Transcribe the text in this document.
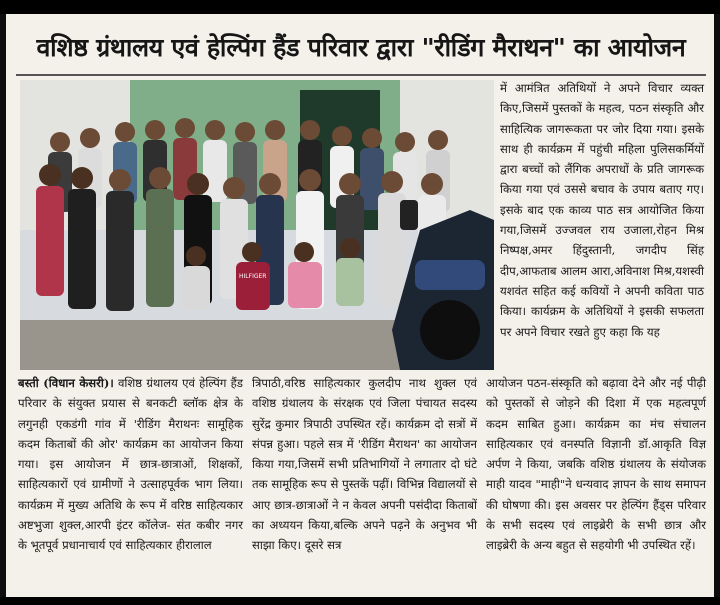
वशिष्ठ ग्रंथालय एवं हेल्पिंग हैंड परिवार द्वारा "रीडिंग मैराथन" का आयोजन
HILFIGER

में आमंत्रित अतिथियों ने अपने विचार व्यक्त किए,जिसमें पुस्तकों के महत्व, पठन संस्कृति और साहित्यिक जागरूकता पर जोर दिया गया। इसके साथ ही कार्यक्रम में पहुंची महिला पुलिसकर्मियों द्वारा बच्चों को लैंगिक अपराधों के प्रति जागरूक किया गया एवं उससे बचाव के उपाय बताए गए। इसके बाद एक काव्य पाठ सत्र आयोजित किया गया,जिसमें उज्जवल राय उजाला,रोहन मिश्र निष्पक्ष,अमर हिंदुस्तानी, जगदीप सिंह दीप,आफताब आलम आरा,अविनाश मिश्र,यशस्वी यशवंत सहित कई कवियों ने अपनी कविता पाठ किया। कार्यक्रम के अतिथियों ने इसकी सफलता पर अपने विचार रखते हुए कहा कि यह

बस्ती (विधान केसरी)। वशिष्ठ ग्रंथालय एवं हेल्पिंग हैंड परिवार के संयुक्त प्रयास से बनकटी ब्लॉक क्षेत्र के लगुनही एकडंगी गांव में 'रीडिंग मैराथनः सामूहिक कदम किताबों की ओर' कार्यक्रम का आयोजन किया गया। इस आयोजन में छात्र-छात्राओं, शिक्षकों, साहित्यकारों एवं ग्रामीणों ने उत्साहपूर्वक भाग लिया। कार्यक्रम में मुख्य अतिथि के रूप में वरिष्ठ साहित्यकार अष्टभुजा शुक्ल,आरपी इंटर कॉलेज- संत कबीर नगर के भूतपूर्व प्रधानाचार्य एवं साहित्यकार हीरालाल

त्रिपाठी,वरिष्ठ साहित्यकार कुलदीप नाथ शुक्ल एवं वशिष्ठ ग्रंथालय के संरक्षक एवं जिला पंचायत सदस्य सुरेंद्र कुमार त्रिपाठी उपस्थित रहें। कार्यक्रम दो सत्रों में संपन्न हुआ। पहले सत्र में 'रीडिंग मैराथन' का आयोजन किया गया,जिसमें सभी प्रतिभागियों ने लगातार दो घंटे तक सामूहिक रूप से पुस्तकें पढ़ीं। विभिन्न विद्यालयों से आए छात्र-छात्राओं ने न केवल अपनी पसंदीदा किताबों का अध्ययन किया,बल्कि अपने पढ़ने के अनुभव भी साझा किए। दूसरे सत्र

आयोजन पठन-संस्कृति को बढ़ावा देने और नई पीढ़ी को पुस्तकों से जोड़ने की दिशा में एक महत्वपूर्ण कदम साबित हुआ। कार्यक्रम का मंच संचालन साहित्यकार एवं वनस्पति विज्ञानी डॉ.आकृति विज्ञ अर्पण ने किया, जबकि वशिष्ठ ग्रंथालय के संयोजक माही यादव "माही"ने धन्यवाद ज्ञापन के साथ समापन की घोषणा की। इस अवसर पर हेल्पिंग हैंड्स परिवार के सभी सदस्य एवं लाइब्रेरी के सभी छात्र और लाइब्रेरी के अन्य बहुत से सहयोगी भी उपस्थित रहें।
